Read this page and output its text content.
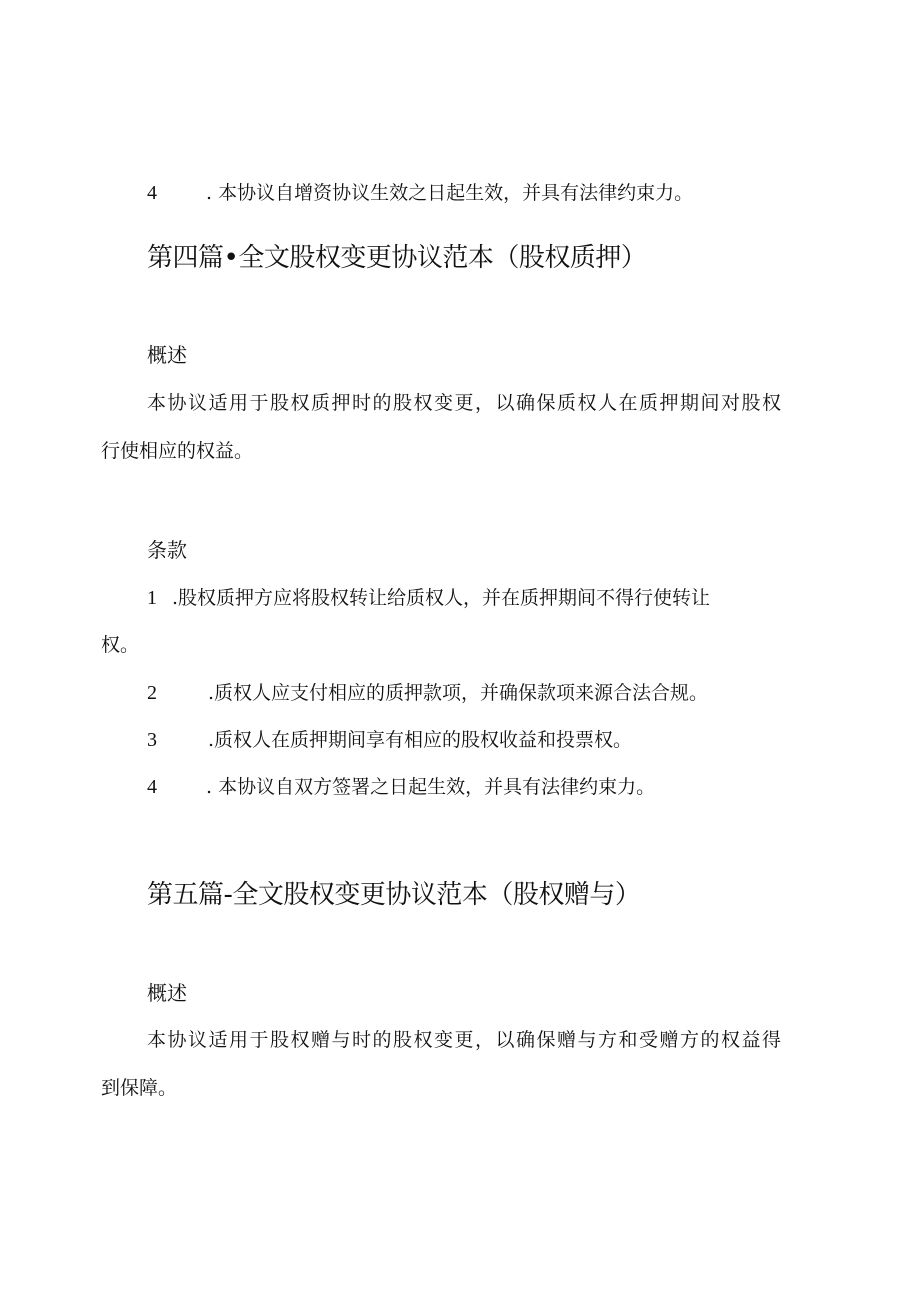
4	. 本协议自增资协议生效之日起生效，并具有法律约束力。
第四篇•全文股权变更协议范本（股权质押）
概述
本协议适用于股权质押时的股权变更，以确保质权人在质押期间对股权
行使相应的权益。
条款
1 .股权质押方应将股权转让给质权人，并在质押期间不得行使转让
权。
2	.质权人应支付相应的质押款项，并确保款项来源合法合规。
3	.质权人在质押期间享有相应的股权收益和投票权。
4	. 本协议自双方签署之日起生效，并具有法律约束力。
第五篇-全文股权变更协议范本（股权赠与）
概述
本协议适用于股权赠与时的股权变更，以确保赠与方和受赠方的权益得
到保障。
